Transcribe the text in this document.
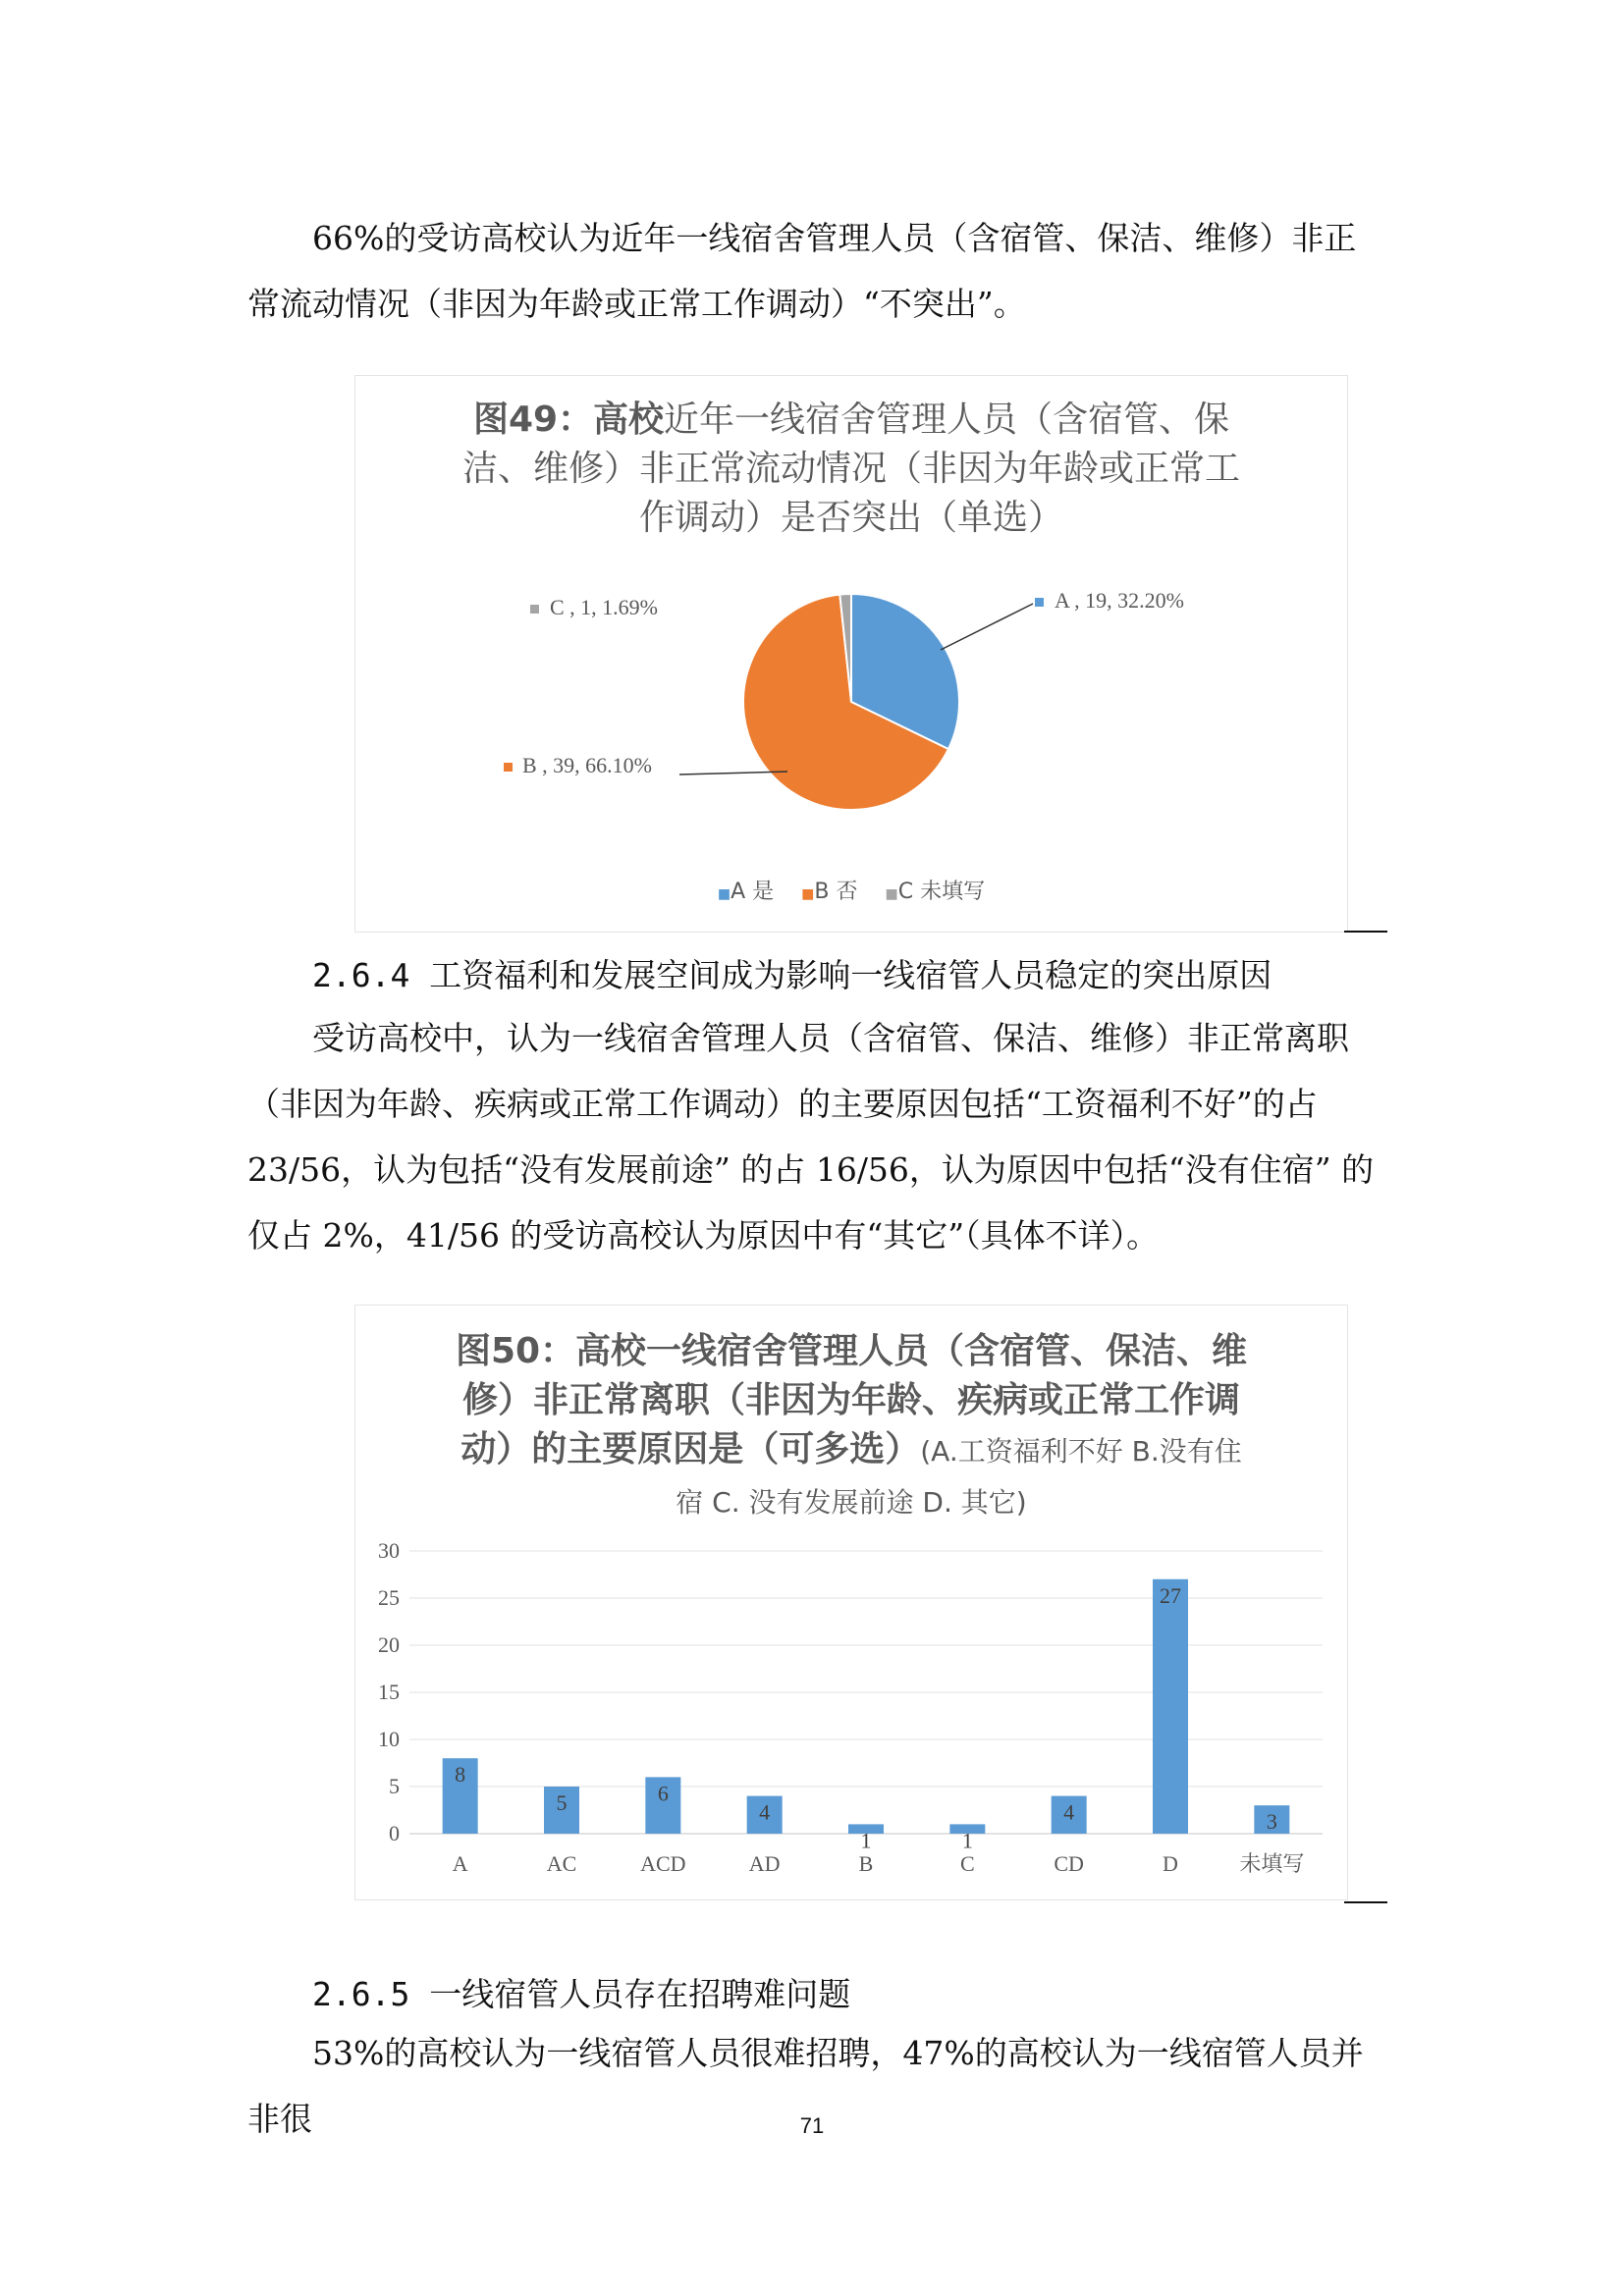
66%的受访高校认为近年一线宿舍管理人员（含宿管、保洁、维修）非正常流动情况（非因为年龄或正常工作调动）“不突出”。

图49：高校近年一线宿舍管理人员（含宿管、保洁、维修）非正常流动情况（非因为年龄或正常工作调动）是否突出（单选）
A , 19, 32.20%
B , 39, 66.10%
C , 1, 1.69%
■A 是 ■B 否 ■C 未填写

2.6.4 工资福利和发展空间成为影响一线宿管人员稳定的突出原因

受访高校中，认为一线宿舍管理人员（含宿管、保洁、维修）非正常离职（非因为年龄、疾病或正常工作调动）的主要原因包括“工资福利不好”的占 23/56，认为包括“没有发展前途” 的占 16/56，认为原因中包括“没有住宿” 的仅占 2%，41/56 的受访高校认为原因中有“其它”（具体不详）。

图50：高校一线宿舍管理人员（含宿管、保洁、维修）非正常离职（非因为年龄、疾病或正常工作调动）的主要原因是（可多选）(A.工资福利不好 B.没有住宿 C. 没有发展前途 D. 其它)
0
5
10
15
20
25
30
8
A
5
AC
6
ACD
4
AD
1
B
1
C
4
CD
27
D
3
未填写

2.6.5 一线宿管人员存在招聘难问题

53%的高校认为一线宿管人员很难招聘，47%的高校认为一线宿管人员并非很	71
